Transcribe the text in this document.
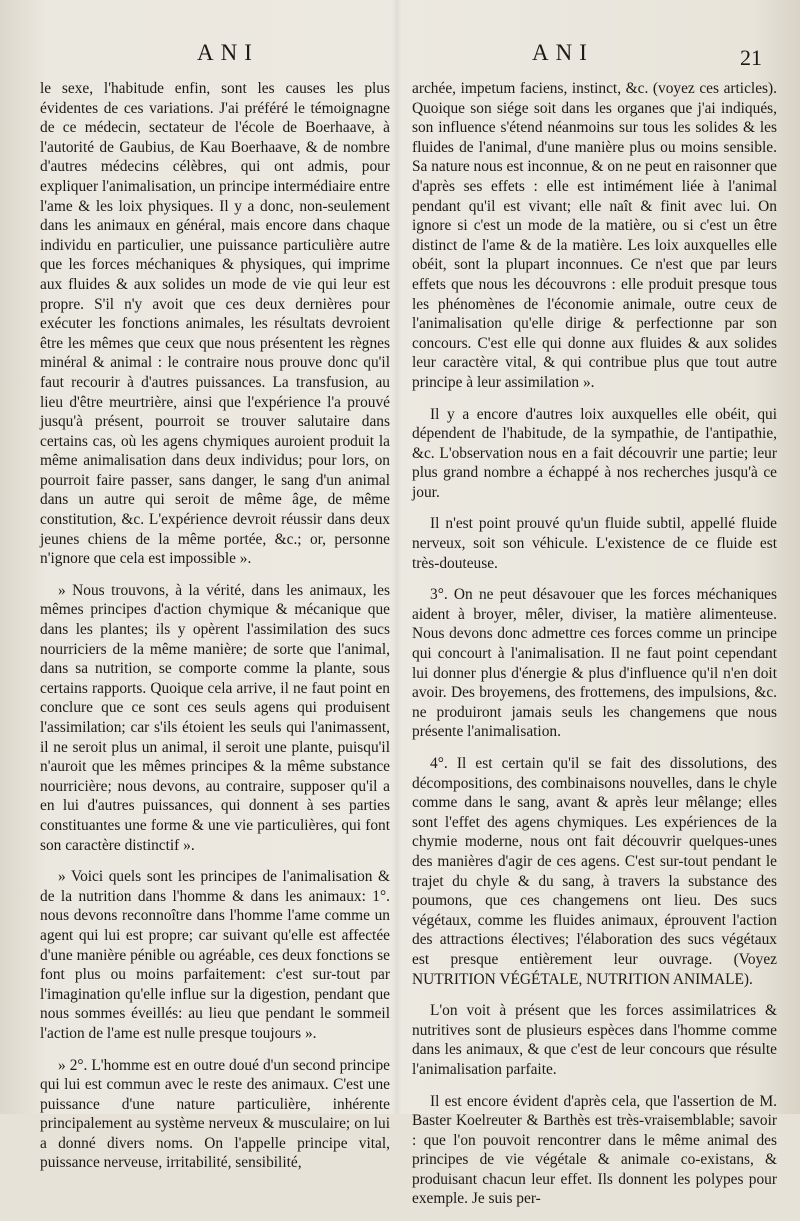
ANI	ANI	21

le sexe, l'habitude enfin, sont les causes les plus évidentes de ces variations. J'ai préféré le témoignagne de ce médecin, sectateur de l'école de Boerhaave, à l'autorité de Gaubius, de Kau Boerhaave, & de nombre d'autres médecins célèbres, qui ont admis, pour expliquer l'animalisation, un principe intermédiaire entre l'ame & les loix physiques. Il y a donc, non-seulement dans les animaux en général, mais encore dans chaque individu en particulier, une puissance particulière autre que les forces méchaniques & physiques, qui imprime aux fluides & aux solides un mode de vie qui leur est propre. S'il n'y avoit que ces deux dernières pour exécuter les fonctions animales, les résultats devroient être les mêmes que ceux que nous présentent les règnes minéral & animal : le contraire nous prouve donc qu'il faut recourir à d'autres puissances. La transfusion, au lieu d'être meurtrière, ainsi que l'expérience l'a prouvé jusqu'à présent, pourroit se trouver salutaire dans certains cas, où les agens chymiques auroient produit la même animalisation dans deux individus; pour lors, on pourroit faire passer, sans danger, le sang d'un animal dans un autre qui seroit de même âge, de même constitution, &c. L'expérience devroit réussir dans deux jeunes chiens de la même portée, &c.; or, personne n'ignore que cela est impossible ».

» Nous trouvons, à la vérité, dans les animaux, les mêmes principes d'action chymique & mécanique que dans les plantes; ils y opèrent l'assimilation des sucs nourriciers de la même manière; de sorte que l'animal, dans sa nutrition, se comporte comme la plante, sous certains rapports. Quoique cela arrive, il ne faut point en conclure que ce sont ces seuls agens qui produisent l'assimilation; car s'ils étoient les seuls qui l'animassent, il ne seroit plus un animal, il seroit une plante, puisqu'il n'auroit que les mêmes principes & la même substance nourricière; nous devons, au contraire, supposer qu'il a en lui d'autres puissances, qui donnent à ses parties constituantes une forme & une vie particulières, qui font son caractère distinctif ».

» Voici quels sont les principes de l'animalisation & de la nutrition dans l'homme & dans les animaux: 1°. nous devons reconnoître dans l'homme l'ame comme un agent qui lui est propre; car suivant qu'elle est affectée d'une manière pénible ou agréable, ces deux fonctions se font plus ou moins parfaitement: c'est sur-tout par l'imagination qu'elle influe sur la digestion, pendant que nous sommes éveillés: au lieu que pendant le sommeil l'action de l'ame est nulle presque toujours ».

» 2°. L'homme est en outre doué d'un second principe qui lui est commun avec le reste des animaux. C'est une puissance d'une nature particulière, inhérente principalement au système nerveux & musculaire; on lui a donné divers noms. On l'appelle principe vital, puissance nerveuse, irritabilité, sensibilité,

archée, impetum faciens, instinct, &c. (voyez ces articles). Quoique son siége soit dans les organes que j'ai indiqués, son influence s'étend néanmoins sur tous les solides & les fluides de l'animal, d'une manière plus ou moins sensible. Sa nature nous est inconnue, & on ne peut en raisonner que d'après ses effets : elle est intimément liée à l'animal pendant qu'il est vivant; elle naît & finit avec lui. On ignore si c'est un mode de la matière, ou si c'est un être distinct de l'ame & de la matière. Les loix auxquelles elle obéit, sont la plupart inconnues. Ce n'est que par leurs effets que nous les découvrons : elle produit presque tous les phénomènes de l'économie animale, outre ceux de l'animalisation qu'elle dirige & perfectionne par son concours. C'est elle qui donne aux fluides & aux solides leur caractère vital, & qui contribue plus que tout autre principe à leur assimilation ».

Il y a encore d'autres loix auxquelles elle obéit, qui dépendent de l'habitude, de la sympathie, de l'antipathie, &c. L'observation nous en a fait découvrir une partie; leur plus grand nombre a échappé à nos recherches jusqu'à ce jour.

Il n'est point prouvé qu'un fluide subtil, appellé fluide nerveux, soit son véhicule. L'existence de ce fluide est très-douteuse.

3°. On ne peut désavouer que les forces méchaniques aident à broyer, mêler, diviser, la matière alimenteuse. Nous devons donc admettre ces forces comme un principe qui concourt à l'animalisation. Il ne faut point cependant lui donner plus d'énergie & plus d'influence qu'il n'en doit avoir. Des broyemens, des frottemens, des impulsions, &c. ne produiront jamais seuls les changemens que nous présente l'animalisation.

4°. Il est certain qu'il se fait des dissolutions, des décompositions, des combinaisons nouvelles, dans le chyle comme dans le sang, avant & après leur mêlange; elles sont l'effet des agens chymiques. Les expériences de la chymie moderne, nous ont fait découvrir quelques-unes des manières d'agir de ces agens. C'est sur-tout pendant le trajet du chyle & du sang, à travers la substance des poumons, que ces changemens ont lieu. Des sucs végétaux, comme les fluides animaux, éprouvent l'action des attractions électives; l'élaboration des sucs végétaux est presque entièrement leur ouvrage. (Voyez NUTRITION VÉGÉTALE, NUTRITION ANIMALE).

L'on voit à présent que les forces assimilatrices & nutritives sont de plusieurs espèces dans l'homme comme dans les animaux, & que c'est de leur concours que résulte l'animalisation parfaite.

Il est encore évident d'après cela, que l'assertion de M. Baster Koelreuter & Barthès est très-vraisemblable; savoir : que l'on pouvoit rencontrer dans le même animal des principes de vie végétale & animale co-existans, & produisant chacun leur effet. Ils donnent les polypes pour exemple. Je suis per-
